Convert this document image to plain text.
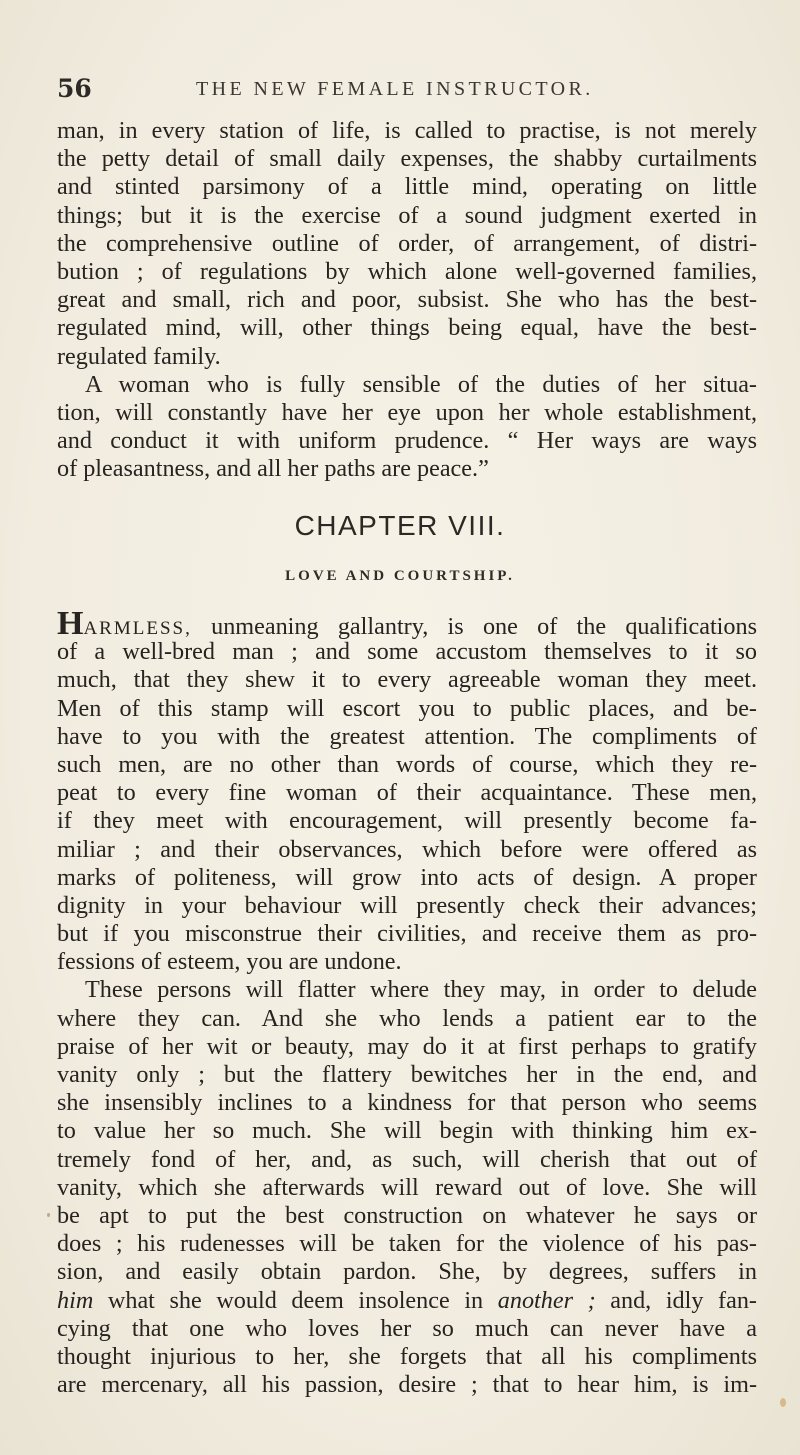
56	THE NEW FEMALE INSTRUCTOR.
man, in every station of life, is called to practise, is not merely
the petty detail of small daily expenses, the shabby curtailments
and stinted parsimony of a little mind, operating on little
things; but it is the exercise of a sound judgment exerted in
the comprehensive outline of order, of arrangement, of distri-
bution ; of regulations by which alone well-governed families,
great and small, rich and poor, subsist. She who has the best-
regulated mind, will, other things being equal, have the best-
regulated family.
A woman who is fully sensible of the duties of her situa-
tion, will constantly have her eye upon her whole establishment,
and conduct it with uniform prudence. “ Her ways are ways
of pleasantness, and all her paths are peace.”
CHAPTER VIII.
LOVE AND COURTSHIP.
HARMLESS, unmeaning gallantry, is one of the qualifications
of a well-bred man ; and some accustom themselves to it so
much, that they shew it to every agreeable woman they meet.
Men of this stamp will escort you to public places, and be-
have to you with the greatest attention. The compliments of
such men, are no other than words of course, which they re-
peat to every fine woman of their acquaintance. These men,
if they meet with encouragement, will presently become fa-
miliar ; and their observances, which before were offered as
marks of politeness, will grow into acts of design. A proper
dignity in your behaviour will presently check their advances;
but if you misconstrue their civilities, and receive them as pro-
fessions of esteem, you are undone.
These persons will flatter where they may, in order to delude
where they can. And she who lends a patient ear to the
praise of her wit or beauty, may do it at first perhaps to gratify
vanity only ; but the flattery bewitches her in the end, and
she insensibly inclines to a kindness for that person who seems
to value her so much. She will begin with thinking him ex-
tremely fond of her, and, as such, will cherish that out of
vanity, which she afterwards will reward out of love. She will
be apt to put the best construction on whatever he says or
does ; his rudenesses will be taken for the violence of his pas-
sion, and easily obtain pardon. She, by degrees, suffers in
him what she would deem insolence in another ; and, idly fan-
cying that one who loves her so much can never have a
thought injurious to her, she forgets that all his compliments
are mercenary, all his passion, desire ; that to hear him, is im-
